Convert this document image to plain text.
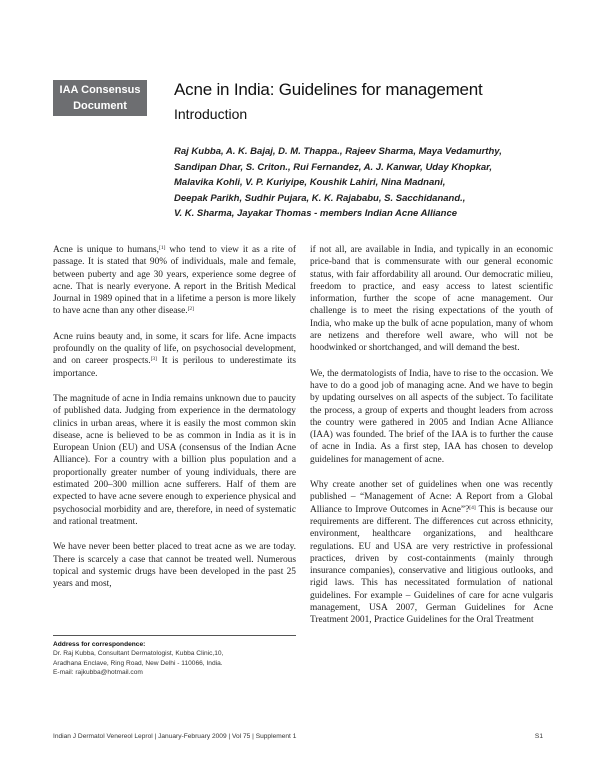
IAA Consensus
Document
Acne in India: Guidelines for management
Introduction

Raj Kubba, A. K. Bajaj, D. M. Thappa., Rajeev Sharma, Maya Vedamurthy,

Sandipan Dhar, S. Criton., Rui Fernandez, A. J. Kanwar, Uday Khopkar,

Malavika Kohli, V. P. Kuriyipe, Koushik Lahiri, Nina Madnani,

Deepak Parikh, Sudhir Pujara, K. K. Rajababu, S. Sacchidanand.,

V. K. Sharma, Jayakar Thomas - members Indian Acne Alliance

Acne is unique to humans,[1] who tend to view it as a rite of passage. It is stated that 90% of individuals, male and female, between puberty and age 30 years, experience some degree of acne. That is nearly everyone. A report in the British Medical Journal in 1989 opined that in a lifetime a person is more likely to have acne than any other disease.[2]

Acne ruins beauty and, in some, it scars for life. Acne impacts profoundly on the quality of life, on psychosocial development, and on career prospects.[3] It is perilous to underestimate its importance.

The magnitude of acne in India remains unknown due to paucity of published data. Judging from experience in the dermatology clinics in urban areas, where it is easily the most common skin disease, acne is believed to be as common in India as it is in European Union (EU) and USA (consensus of the Indian Acne Alliance). For a country with a billion plus population and a proportionally greater number of young individuals, there are estimated 200–300 million acne sufferers. Half of them are expected to have acne severe enough to experience physical and psychosocial morbidity and are, therefore, in need of systematic and rational treatment.

We have never been better placed to treat acne as we are today. There is scarcely a case that cannot be treated well. Numerous topical and systemic drugs have been developed in the past 25 years and most,

if not all, are available in India, and typically in an economic price-band that is commensurate with our general economic status, with fair affordability all around. Our democratic milieu, freedom to practice, and easy access to latest scientific information, further the scope of acne management. Our challenge is to meet the rising expectations of the youth of India, who make up the bulk of acne population, many of whom are netizens and therefore well aware, who will not be hoodwinked or shortchanged, and will demand the best.

We, the dermatologists of India, have to rise to the occasion. We have to do a good job of managing acne. And we have to begin by updating ourselves on all aspects of the subject. To facilitate the process, a group of experts and thought leaders from across the country were gathered in 2005 and Indian Acne Alliance (IAA) was founded. The brief of the IAA is to further the cause of acne in India. As a first step, IAA has chosen to develop guidelines for management of acne.

Why create another set of guidelines when one was recently published – “Management of Acne: A Report from a Global Alliance to Improve Outcomes in Acne”?[4] This is because our requirements are different. The differences cut across ethnicity, environment, healthcare organizations, and healthcare regulations. EU and USA are very restrictive in professional practices, driven by cost-containments (mainly through insurance companies), conservative and litigious outlooks, and rigid laws. This has necessitated formulation of national guidelines. For example – Guidelines of care for acne vulgaris management, USA 2007, German Guidelines for Acne Treatment 2001, Practice Guidelines for the Oral Treatment

Address for correspondence:
Dr. Raj Kubba, Consultant Dermatologist, Kubba Clinic,10,
Aradhana Enclave, Ring Road, New Delhi - 110066, India.
E-mail: rajkubba@hotmail.com
Indian J Dermatol Venereol Leprol | January-February 2009 | Vol 75 | Supplement 1	S1
